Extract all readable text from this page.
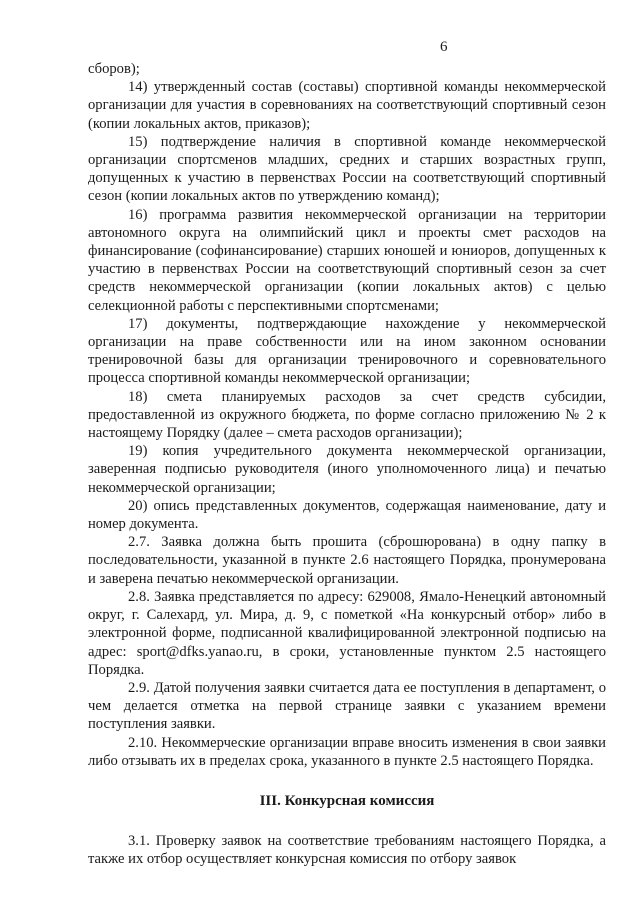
6

сборов);

14) утвержденный состав (составы) спортивной команды некоммерческой организации для участия в соревнованиях на соответствующий спортивный сезон (копии локальных актов, приказов);

15) подтверждение наличия в спортивной команде некоммерческой организации спортсменов младших, средних и старших возрастных групп, допущенных к участию в первенствах России на соответствующий спортивный сезон (копии локальных актов по утверждению команд);

16) программа развития некоммерческой организации на территории автономного округа на олимпийский цикл и проекты смет расходов на финансирование (софинансирование) старших юношей и юниоров, допущенных к участию в первенствах России на соответствующий спортивный сезон за счет средств некоммерческой организации (копии локальных актов) с целью селекционной работы с перспективными спортсменами;

17) документы, подтверждающие нахождение у некоммерческой организации на праве собственности или на ином законном основании тренировочной базы для организации тренировочного и соревновательного процесса спортивной команды некоммерческой организации;

18) смета планируемых расходов за счет средств субсидии, предоставленной из окружного бюджета, по форме согласно приложению № 2 к настоящему Порядку (далее – смета расходов организации);

19) копия учредительного документа некоммерческой организации, заверенная подписью руководителя (иного уполномоченного лица) и печатью некоммерческой организации;

20) опись представленных документов, содержащая наименование, дату и номер документа.

2.7. Заявка должна быть прошита (сброшюрована) в одну папку в последовательности, указанной в пункте 2.6 настоящего Порядка, пронумерована и заверена печатью некоммерческой организации.

2.8. Заявка представляется по адресу: 629008, Ямало-Ненецкий автономный округ, г. Салехард, ул. Мира, д. 9, с пометкой «На конкурсный отбор» либо в электронной форме, подписанной квалифицированной электронной подписью на адрес: sport@dfks.yanao.ru, в сроки, установленные пунктом 2.5 настоящего Порядка.

2.9. Датой получения заявки считается дата ее поступления в департамент, о чем делается отметка на первой странице заявки с указанием времени поступления заявки.

2.10. Некоммерческие организации вправе вносить изменения в свои заявки либо отзывать их в пределах срока, указанного в пункте 2.5 настоящего Порядка.

III. Конкурсная комиссия

3.1. Проверку заявок на соответствие требованиям настоящего Порядка, а также их отбор осуществляет конкурсная комиссия по отбору заявок
